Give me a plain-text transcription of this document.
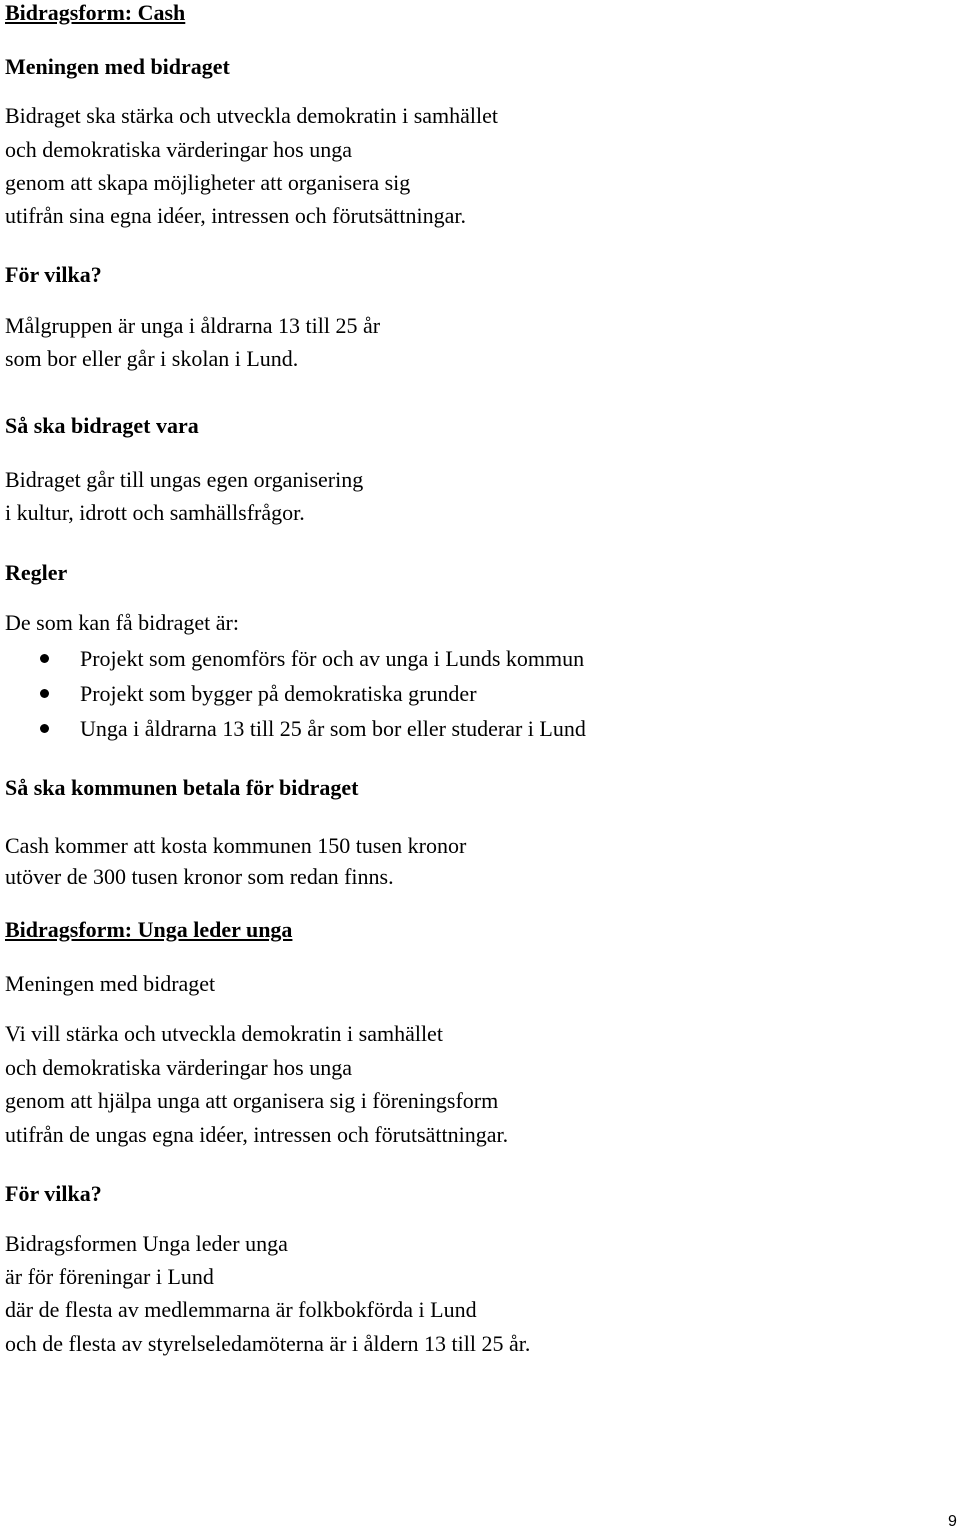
Bidragsform: Cash
Meningen med bidraget
Bidraget ska stärka och utveckla demokratin i samhället
och demokratiska värderingar hos unga
genom att skapa möjligheter att organisera sig
utifrån sina egna idéer, intressen och förutsättningar.
För vilka?
Målgruppen är unga i åldrarna 13 till 25 år
som bor eller går i skolan i Lund.
Så ska bidraget vara
Bidraget går till ungas egen organisering
i kultur, idrott och samhällsfrågor.
Regler
De som kan få bidraget är:
Projekt som genomförs för och av unga i Lunds kommun
Projekt som bygger på demokratiska grunder
Unga i åldrarna 13 till 25 år som bor eller studerar i Lund
Så ska kommunen betala för bidraget
Cash kommer att kosta kommunen 150 tusen kronor
utöver de 300 tusen kronor som redan finns.
Bidragsform: Unga leder unga
Meningen med bidraget
Vi vill stärka och utveckla demokratin i samhället
och demokratiska värderingar hos unga
genom att hjälpa unga att organisera sig i föreningsform
utifrån de ungas egna idéer, intressen och förutsättningar.
För vilka?
Bidragsformen Unga leder unga
är för föreningar i Lund
där de flesta av medlemmarna är folkbokförda i Lund
och de flesta av styrelseledamöterna är i åldern 13 till 25 år.
9
